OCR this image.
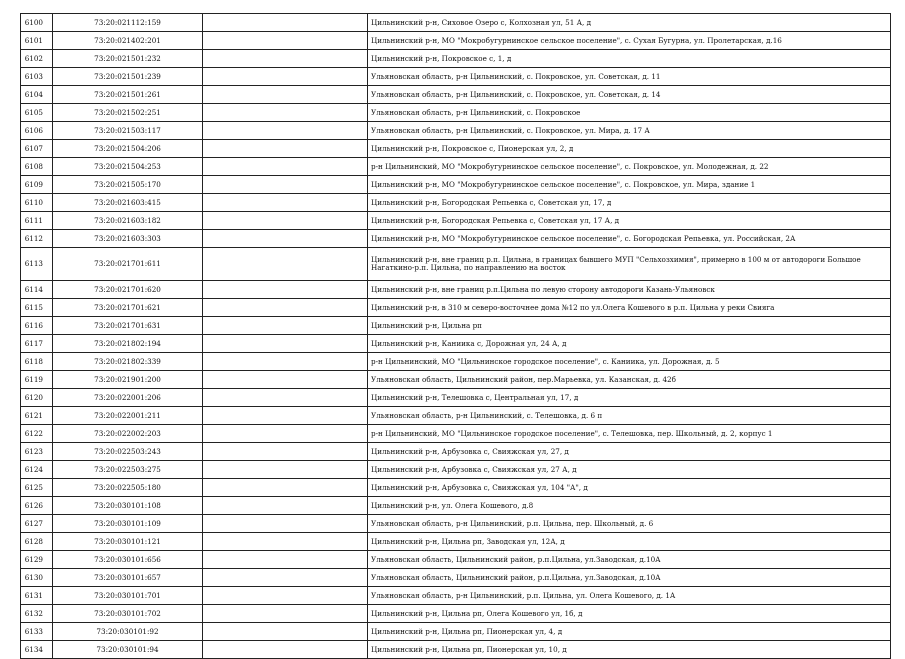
6100	73:20:021112:159		Цильнинский р-н, Сиховое Озеро с, Колхозная ул, 51 А, д
6101	73:20:021402:201		Цильнинский р-н, МО "Мокробугурнинское сельское поселение", с. Сухая Бугурна, ул. Пролетарская, д.16
6102	73:20:021501:232		Цильнинский р-н, Покровское с, 1, д
6103	73:20:021501:239		Ульяновская область, р-н Цильнинский, с. Покровское, ул. Советская, д. 11
6104	73:20:021501:261		Ульяновская область, р-н Цильнинский, с. Покровское, ул. Советская, д. 14
6105	73:20:021502:251		Ульяновская область, р-н Цильнинский, с. Покровское
6106	73:20:021503:117		Ульяновская область, р-н Цильнинский, с. Покровское, ул. Мира, д. 17 А
6107	73:20:021504:206		Цильнинский р-н, Покровское с, Пионерская ул, 2, д
6108	73:20:021504:253		р-н Цильнинский, МО "Мокробугурнинское сельское поселение", с. Покровское, ул. Молодежная, д. 22
6109	73:20:021505:170		Цильнинский р-н, МО "Мокробугурнинское сельское поселение", с. Покровское, ул. Мира, здание 1
6110	73:20:021603:415		Цильнинский р-н, Богородская Репьевка с, Советская ул, 17, д
6111	73:20:021603:182		Цильнинский р-н, Богородская Репьевка с, Советская ул, 17 А, д
6112	73:20:021603:303		Цильнинский р-н, МО "Мокробугурнинское сельское поселение", с. Богородская Репьевка, ул. Российская, 2А
6113	73:20:021701:611		Цильнинский р-н, вне границ р.п. Цильна, в границах бывшего МУП "Сельхозхимия", примерно в 100 м от автодороги Большое Нагаткино-р.п. Цильна, по направлению на восток
6114	73:20:021701:620		Цильнинский р-н, вне границ р.п.Цильна по левую сторону автодороги Казань-Ульяновск
6115	73:20:021701:621		Цильнинский р-н, в 310 м северо-восточнее дома №12 по ул.Олега Кошевого в р.п. Цильна у реки Свияга
6116	73:20:021701:631		Цильнинский р-н, Цильна рп
6117	73:20:021802:194		Цильнинский р-н, Каниика с, Дорожная ул, 24 А, д
6118	73:20:021802:339		р-н Цильнинский, МО "Цильнинское городское поселение", с. Каниика, ул. Дорожная, д. 5
6119	73:20:021901:200		Ульяновская область, Цильнинский район, пер.Марьевка, ул. Казанская, д. 42б
6120	73:20:022001:206		Цильнинский р-н, Телешовка с, Центральная ул, 17, д
6121	73:20:022001:211		Ульяновская область, р-н Цильнинский, с. Телешовка, д. 6 п
6122	73:20:022002:203		р-н Цильнинский, МО "Цильнинское городское поселение", с. Телешовка, пер. Школьный, д. 2, корпус 1
6123	73:20:022503:243		Цильнинский р-н, Арбузовка с, Свияжская ул, 27, д
6124	73:20:022503:275		Цильнинский р-н, Арбузовка с, Свияжская ул, 27 А, д
6125	73:20:022505:180		Цильнинский р-н, Арбузовка с, Свияжская ул, 104 "А", д
6126	73:20:030101:108		Цильнинский р-н, ул. Олега Кошевого, д.8
6127	73:20:030101:109		Ульяновская область, р-н Цильнинский, р.п. Цильна, пер. Школьный, д. 6
6128	73:20:030101:121		Цильнинский р-н, Цильна рп, Заводская ул, 12А, д
6129	73:20:030101:656		Ульяновская область, Цильнинский район, р.п.Цильна, ул.Заводская, д.10А
6130	73:20:030101:657		Ульяновская область, Цильнинский район, р.п.Цильна, ул.Заводская, д.10А
6131	73:20:030101:701		Ульяновская область, р-н Цильнинский, р.п. Цильна, ул. Олега Кошевого, д. 1А
6132	73:20:030101:702		Цильнинский р-н, Цильна рп, Олега Кошевого ул, 1б, д
6133	73:20:030101:92		Цильнинский р-н, Цильна рп, Пионерская ул, 4, д
6134	73:20:030101:94		Цильнинский р-н, Цильна рп, Пионерская ул, 10, д
